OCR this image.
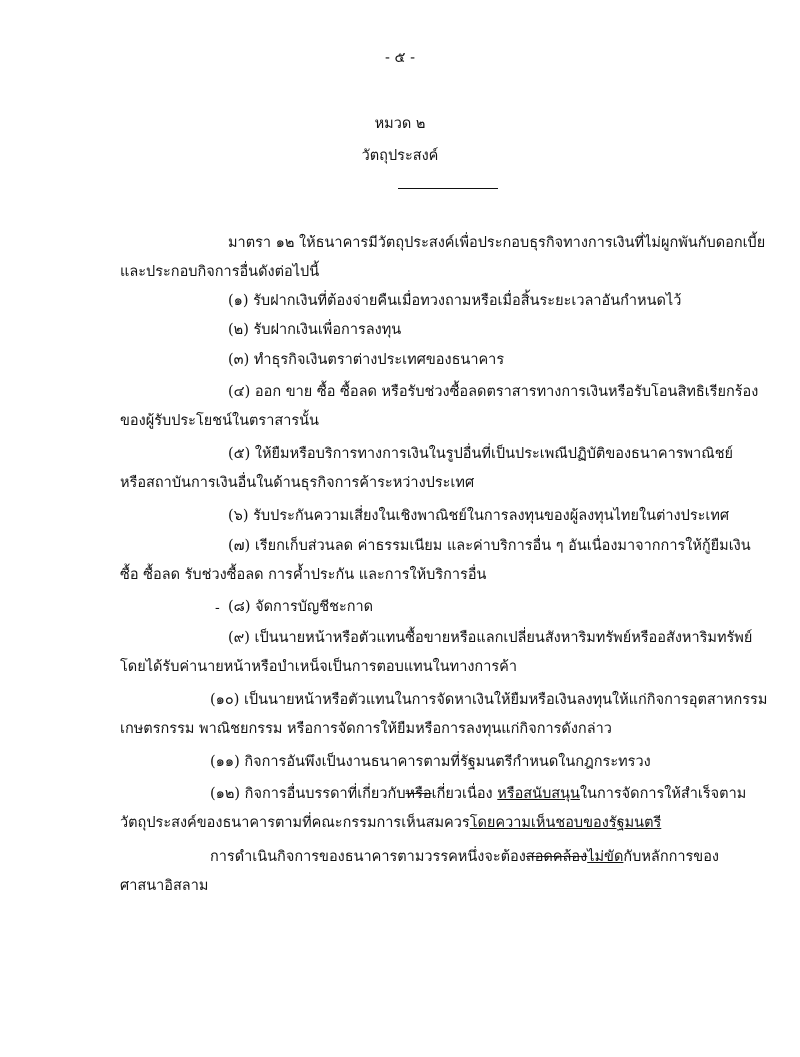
- ๕ -
หมวด ๒
วัตถุประสงค์
มาตรา ๑๒ ให้ธนาคารมีวัตถุประสงค์เพื่อประกอบธุรกิจทางการเงินที่ไม่ผูกพันกับดอกเบี้ย
และประกอบกิจการอื่นดังต่อไปนี้
(๑) รับฝากเงินที่ต้องจ่ายคืนเมื่อทวงถามหรือเมื่อสิ้นระยะเวลาอันกำหนดไว้
(๒) รับฝากเงินเพื่อการลงทุน
(๓) ทำธุรกิจเงินตราต่างประเทศของธนาคาร
(๔) ออก ขาย ซื้อ ซื้อลด หรือรับช่วงซื้อลดตราสารทางการเงินหรือรับโอนสิทธิเรียกร้อง
ของผู้รับประโยชน์ในตราสารนั้น
(๕) ให้ยืมหรือบริการทางการเงินในรูปอื่นที่เป็นประเพณีปฏิบัติของธนาคารพาณิชย์
หรือสถาบันการเงินอื่นในด้านธุรกิจการค้าระหว่างประเทศ
(๖) รับประกันความเสี่ยงในเชิงพาณิชย์ในการลงทุนของผู้ลงทุนไทยในต่างประเทศ
(๗) เรียกเก็บส่วนลด ค่าธรรมเนียม และค่าบริการอื่น ๆ อันเนื่องมาจากการให้กู้ยืมเงิน
ซื้อ ซื้อลด รับช่วงซื้อลด การค้ำประกัน และการให้บริการอื่น
- (๘) จัดการบัญชีชะกาด
(๙) เป็นนายหน้าหรือตัวแทนซื้อขายหรือแลกเปลี่ยนสังหาริมทรัพย์หรืออสังหาริมทรัพย์
โดยได้รับค่านายหน้าหรือบำเหน็จเป็นการตอบแทนในทางการค้า
(๑๐) เป็นนายหน้าหรือตัวแทนในการจัดหาเงินให้ยืมหรือเงินลงทุนให้แก่กิจการอุตสาหกรรม
เกษตรกรรม พาณิชยกรรม หรือการจัดการให้ยืมหรือการลงทุนแก่กิจการดังกล่าว
(๑๑) กิจการอันพึงเป็นงานธนาคารตามที่รัฐมนตรีกำหนดในกฎกระทรวง
(๑๒) กิจการอื่นบรรดาที่เกี่ยวกับหรือเกี่ยวเนื่อง หรือสนับสนุนในการจัดการให้สำเร็จตาม
วัตถุประสงค์ของธนาคารตามที่คณะกรรมการเห็นสมควรโดยความเห็นชอบของรัฐมนตรี
การดำเนินกิจการของธนาคารตามวรรคหนึ่งจะต้องสอดคล้องไม่ขัดกับหลักการของ
ศาสนาอิสลาม
